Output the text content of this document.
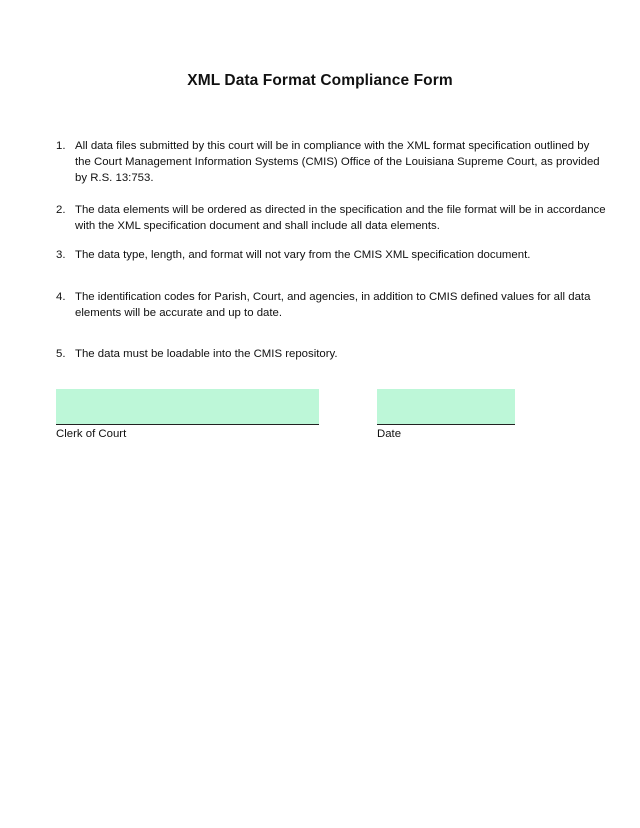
XML Data Format Compliance Form
1. All data files submitted by this court will be in compliance with the XML format specification outlined by the Court Management Information Systems (CMIS) Office of the Louisiana Supreme Court, as provided by R.S. 13:753.
2. The data elements will be ordered as directed in the specification and the file format will be in accordance with the XML specification document and shall include all data elements.
3. The data type, length, and format will not vary from the CMIS XML specification document.
4. The identification codes for Parish, Court, and agencies, in addition to CMIS defined values for all data elements will be accurate and up to date.
5. The data must be loadable into the CMIS repository.
Clerk of Court	Date
